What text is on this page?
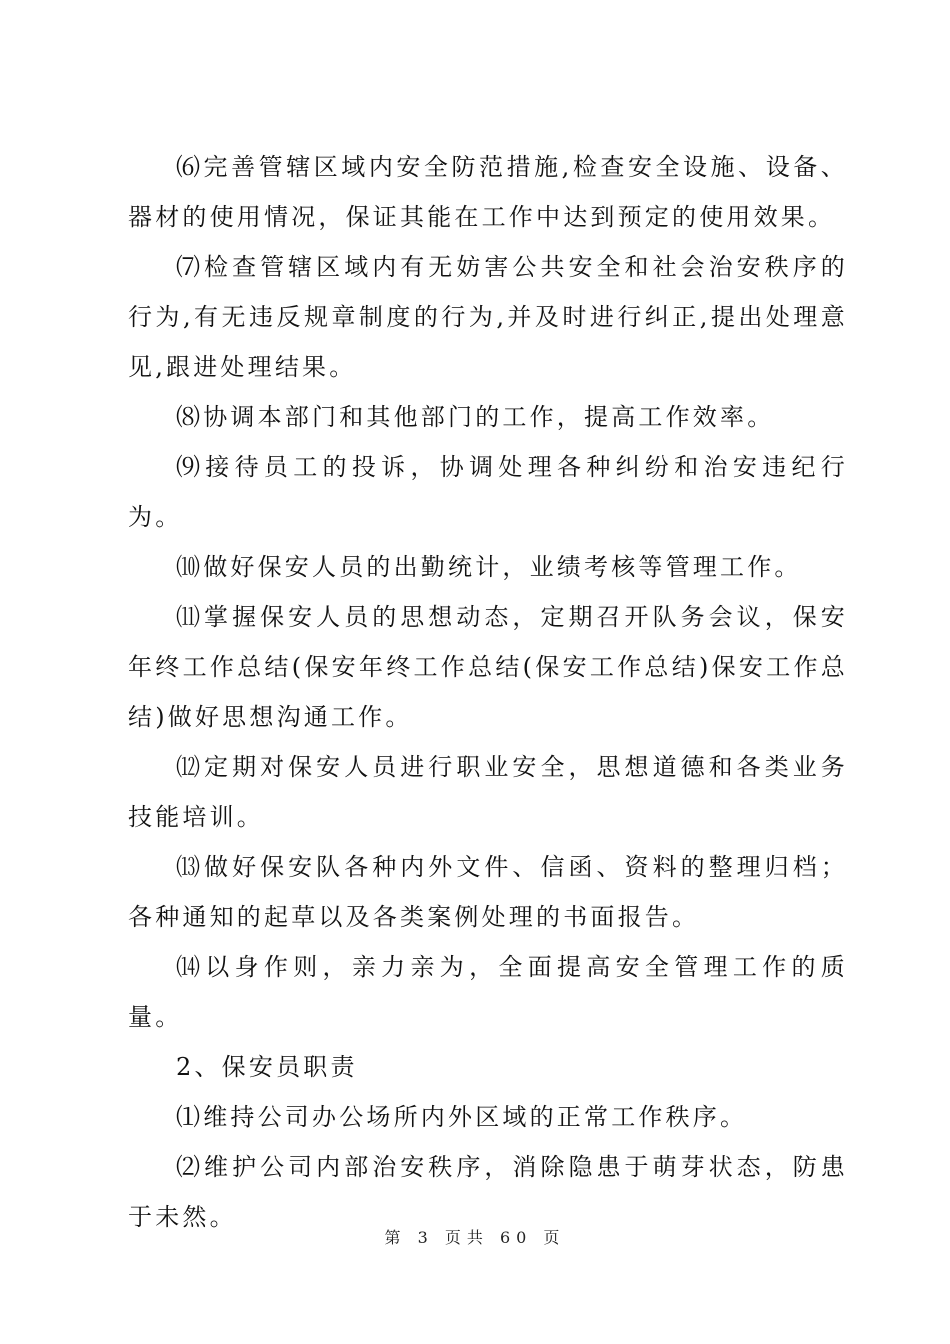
⑹完善管辖区域内安全防范措施,检查安全设施、设备、器材的使用情况，保证其能在工作中达到预定的使用效果。

⑺检查管辖区域内有无妨害公共安全和社会治安秩序的行为,有无违反规章制度的行为,并及时进行纠正,提出处理意见,跟进处理结果。

⑻协调本部门和其他部门的工作，提高工作效率。

⑼接待员工的投诉，协调处理各种纠纷和治安违纪行为。

⑽做好保安人员的出勤统计，业绩考核等管理工作。

⑾掌握保安人员的思想动态，定期召开队务会议，保安年终工作总结(保安年终工作总结(保安工作总结)保安工作总结)做好思想沟通工作。

⑿定期对保安人员进行职业安全，思想道德和各类业务技能培训。

⒀做好保安队各种内外文件、信函、资料的整理归档；各种通知的起草以及各类案例处理的书面报告。

⒁以身作则，亲力亲为，全面提高安全管理工作的质量。

2、保安员职责

⑴维持公司办公场所内外区域的正常工作秩序。

⑵维护公司内部治安秩序，消除隐患于萌芽状态，防患于未然。

第 3 页共 60 页
